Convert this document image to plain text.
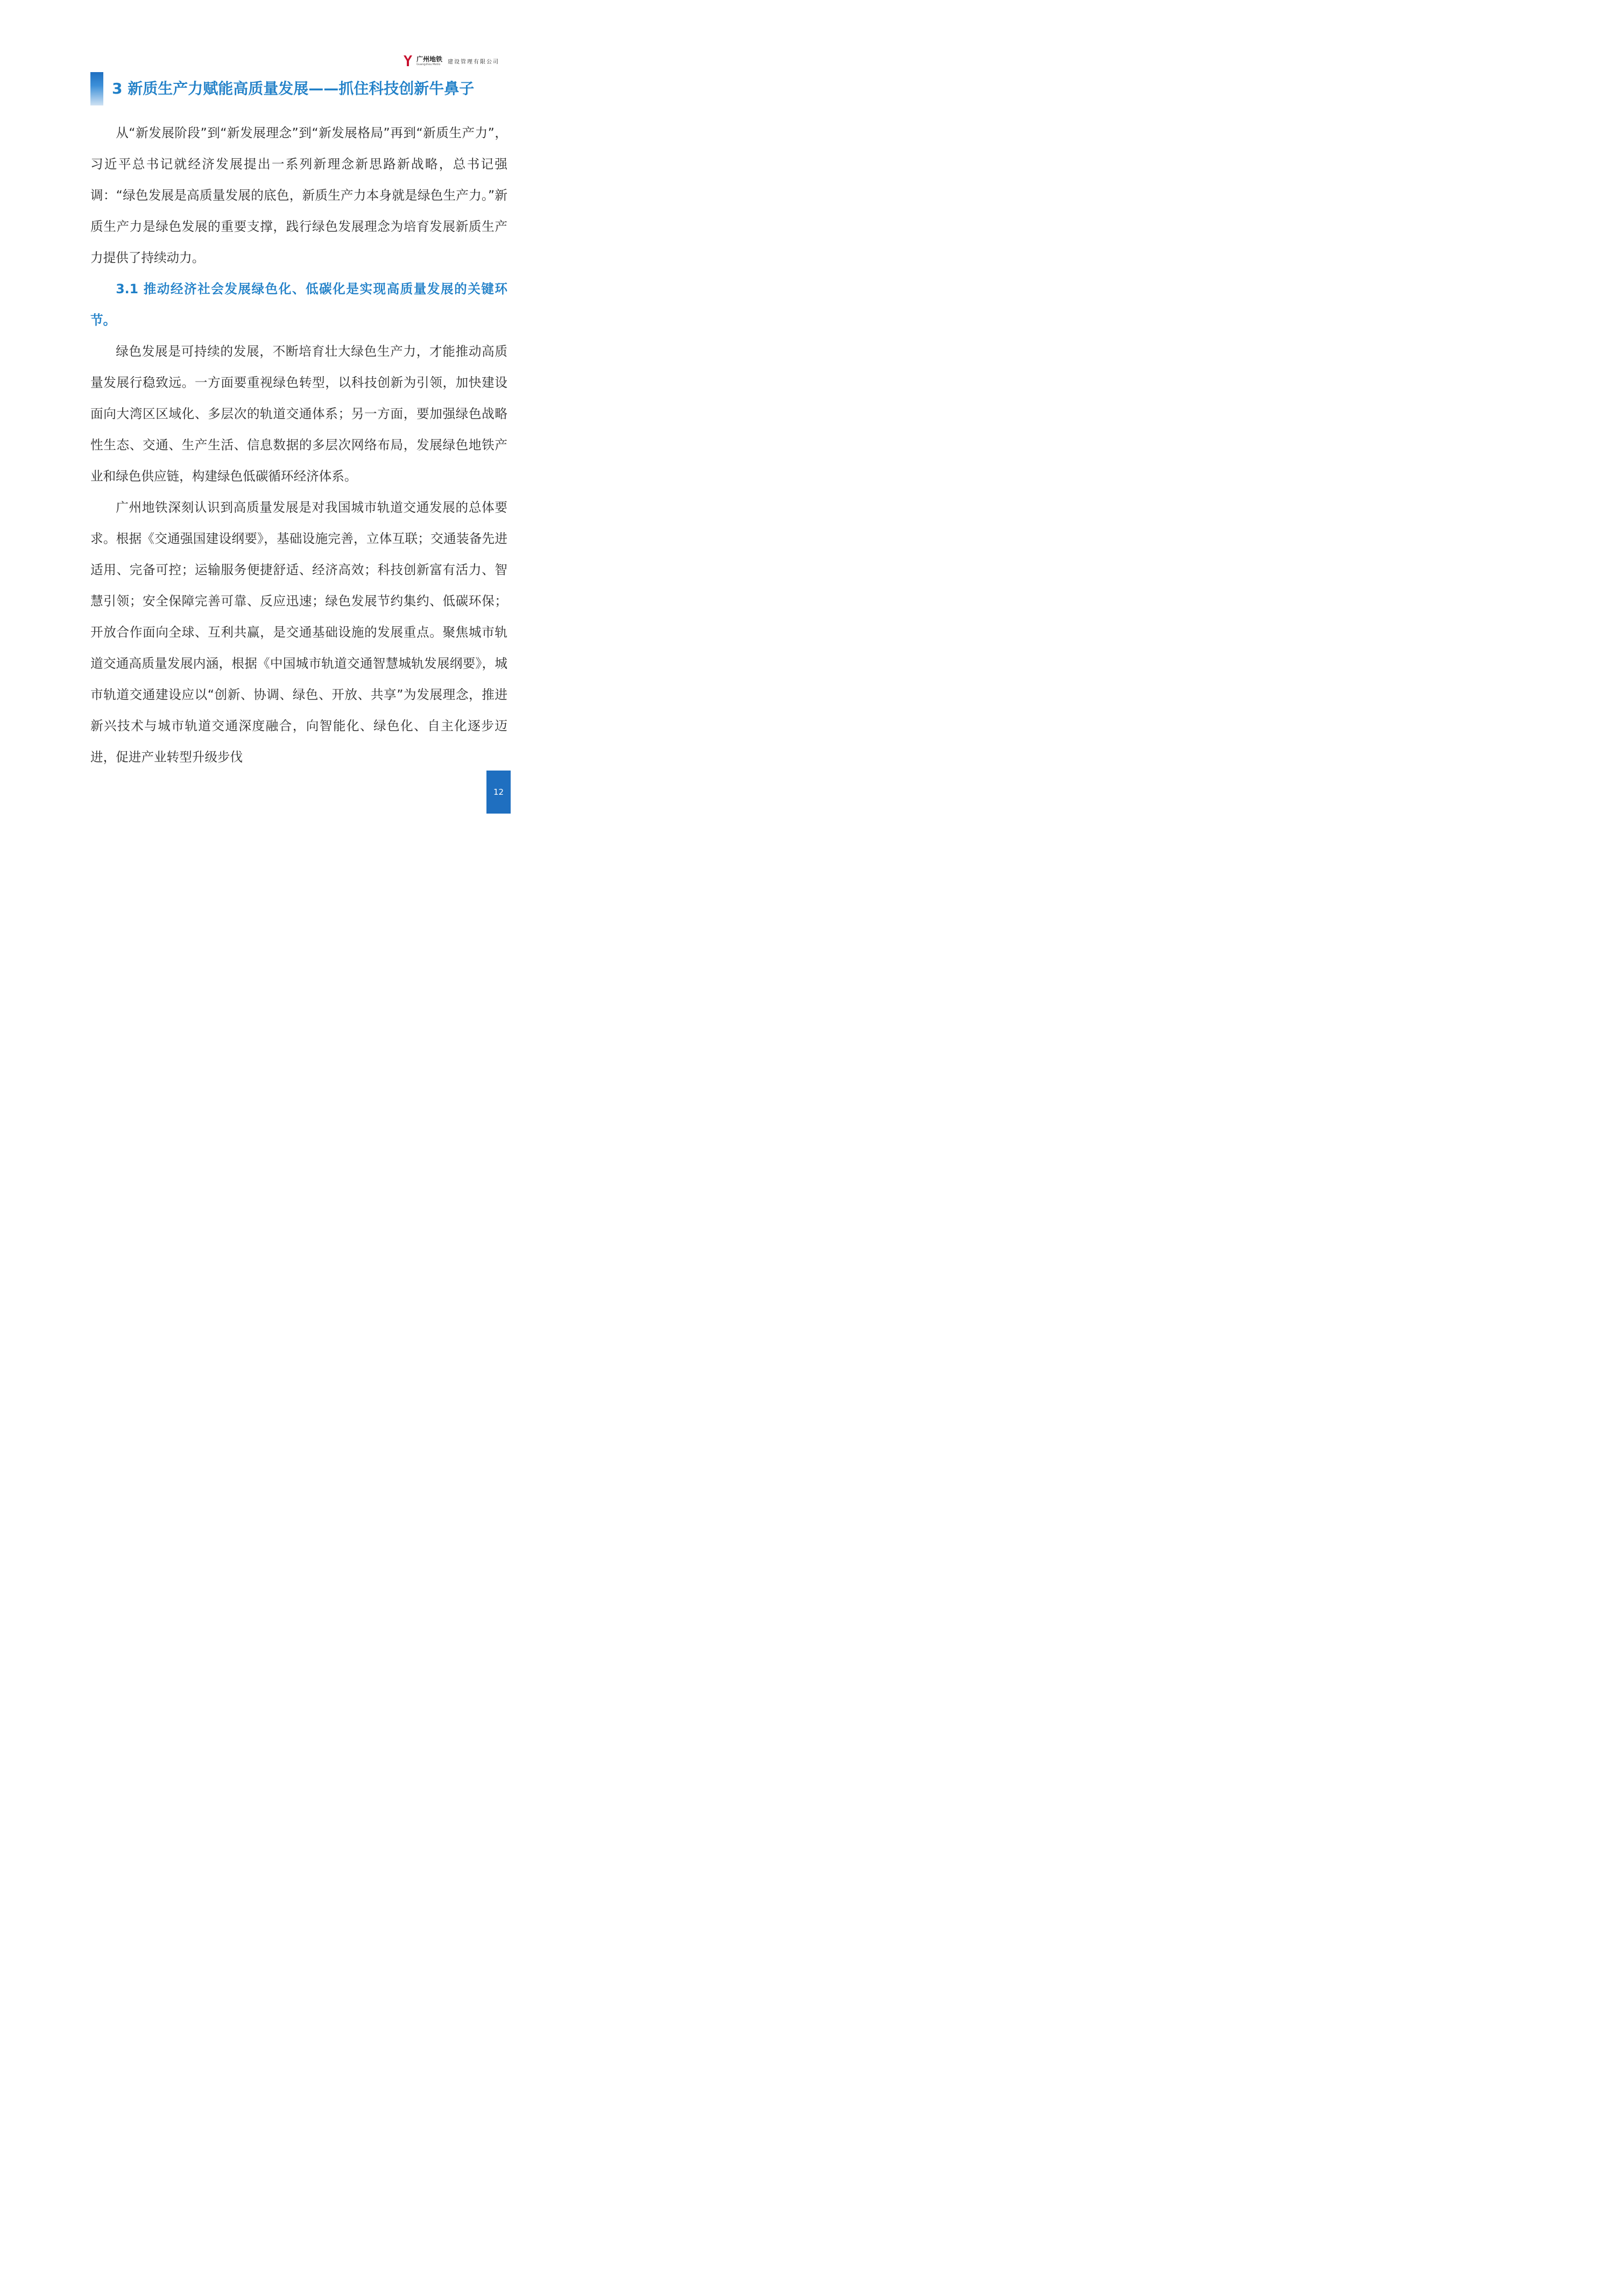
广州地铁
Guangzhou Metro	建设管理有限公司
3 新质生产力赋能高质量发展——抓住科技创新牛鼻子

从“新发展阶段”到“新发展理念”到“新发展格局”再到“新质生产力”，习近平总书记就经济发展提出一系列新理念新思路新战略，总书记强调：“绿色发展是高质量发展的底色，新质生产力本身就是绿色生产力。”新质生产力是绿色发展的重要支撑，践行绿色发展理念为培育发展新质生产力提供了持续动力。

3.1 推动经济社会发展绿色化、低碳化是实现高质量发展的关键环节。

绿色发展是可持续的发展，不断培育壮大绿色生产力，才能推动高质量发展行稳致远。一方面要重视绿色转型，以科技创新为引领，加快建设面向大湾区区域化、多层次的轨道交通体系；另一方面，要加强绿色战略性生态、交通、生产生活、信息数据的多层次网络布局，发展绿色地铁产业和绿色供应链，构建绿色低碳循环经济体系。

广州地铁深刻认识到高质量发展是对我国城市轨道交通发展的总体要求。根据《交通强国建设纲要》，基础设施完善，立体互联；交通装备先进适用、完备可控；运输服务便捷舒适、经济高效；科技创新富有活力、智慧引领；安全保障完善可靠、反应迅速；绿色发展节约集约、低碳环保；开放合作面向全球、互利共赢，是交通基础设施的发展重点。聚焦城市轨道交通高质量发展内涵，根据《中国城市轨道交通智慧城轨发展纲要》，城市轨道交通建设应以“创新、协调、绿色、开放、共享”为发展理念，推进新兴技术与城市轨道交通深度融合，向智能化、绿色化、自主化逐步迈进，促进产业转型升级步伐

12
